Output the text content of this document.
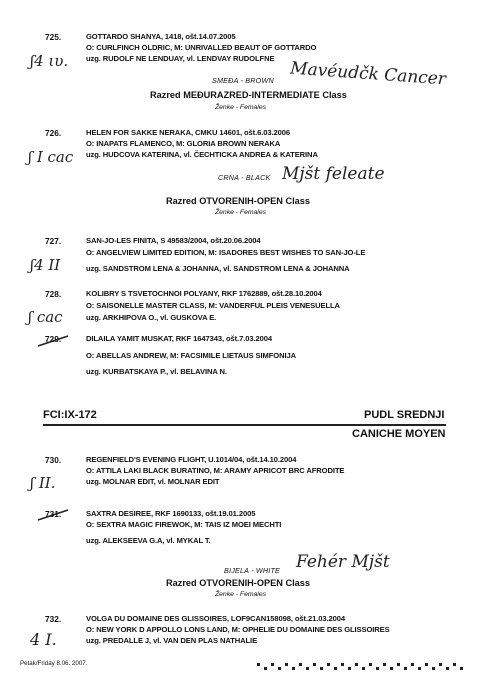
725.	GOTTARDO SHANYA, 1418, ošt.14.07.2005
O: CURLFINCH OLDRIC, M: UNRIVALLED BEAUT OF GOTTARDO
uzg. RUDOLF NE LENDUAY, vl. LENDVAY RUDOLFNE
ʃ4 ιυ.
SMEĐA - BROWN Mavéudčk Cancer
Razred MEĐURAZRED-INTERMEDIATE Class
Ženke - Females
726.	HELEN FOR SAKKE NERAKA, CMKU 14601, ošt.6.03.2006
O: INAPATS FLAMENCO, M: GLORIA BROWN NERAKA
uzg. HUDCOVA KATERINA, vl. ČECHTICKA ANDREA & KATERINA
ʃ I cac
CRNA - BLACK Mjšt feleate
Razred OTVORENIH-OPEN Class
Ženke - Females
727.	SAN-JO-LES FINITA, S 49583/2004, ošt.20.06.2004
O: ANGELVIEW LIMITED EDITION, M: ISADORES BEST WISHES TO SAN-JO-LE
uzg. SANDSTROM LENA & JOHANNA, vl. SANDSTROM LENA & JOHANNA
ʃ4 II
728.	KOLIBRY S TSVETOCHNOI POLYANY, RKF 1762889, ošt.28.10.2004
O: SAISONELLE MASTER CLASS, M: VANDERFUL PLEIS VENESUELLA
uzg. ARKHIPOVA O., vl. GUSKOVA E.
ʃ cac
729.	DILAILA YAMIT MUSKAT, RKF 1647343, ošt.7.03.2004
O: ABELLAS ANDREW, M: FACSIMILE LIETAUS SIMFONIJA
uzg. KURBATSKAYA P., vl. BELAVINA N.
FCI:IX-172	PUDL SREDNJI
CANICHE MOYEN
730.	REGENFIELD'S EVENING FLIGHT, U.1014/04, ošt.14.10.2004
O: ATTILA LAKI BLACK BURATINO, M: ARAMY APRICOT BRC AFRODITE
uzg. MOLNAR EDIT, vl. MOLNAR EDIT
ʃ II.
731.	SAXTRA DESIREE, RKF 1690133, ošt.19.01.2005
O: SEXTRA MAGIC FIREWOK, M: TAIS IZ MOEI MECHTI
uzg. ALEKSEEVA G.A, vl. MYKAL T.
BIJELA - WHITE Fehér Mjšt
Razred OTVORENIH-OPEN Class
Ženke - Females
732.	VOLGA DU DOMAINE DES GLISSOIRES, LOF9CAN158098, ošt.21.03.2004
O: NEW YORK D APPOLLO LONS LAND, M: OPHELIE DU DOMAINE DES GLISSOIRES
uzg. PREDALLE J, vl. VAN DEN PLAS NATHALIE
4 I.
Petak/Friday 8.06. 2007.
